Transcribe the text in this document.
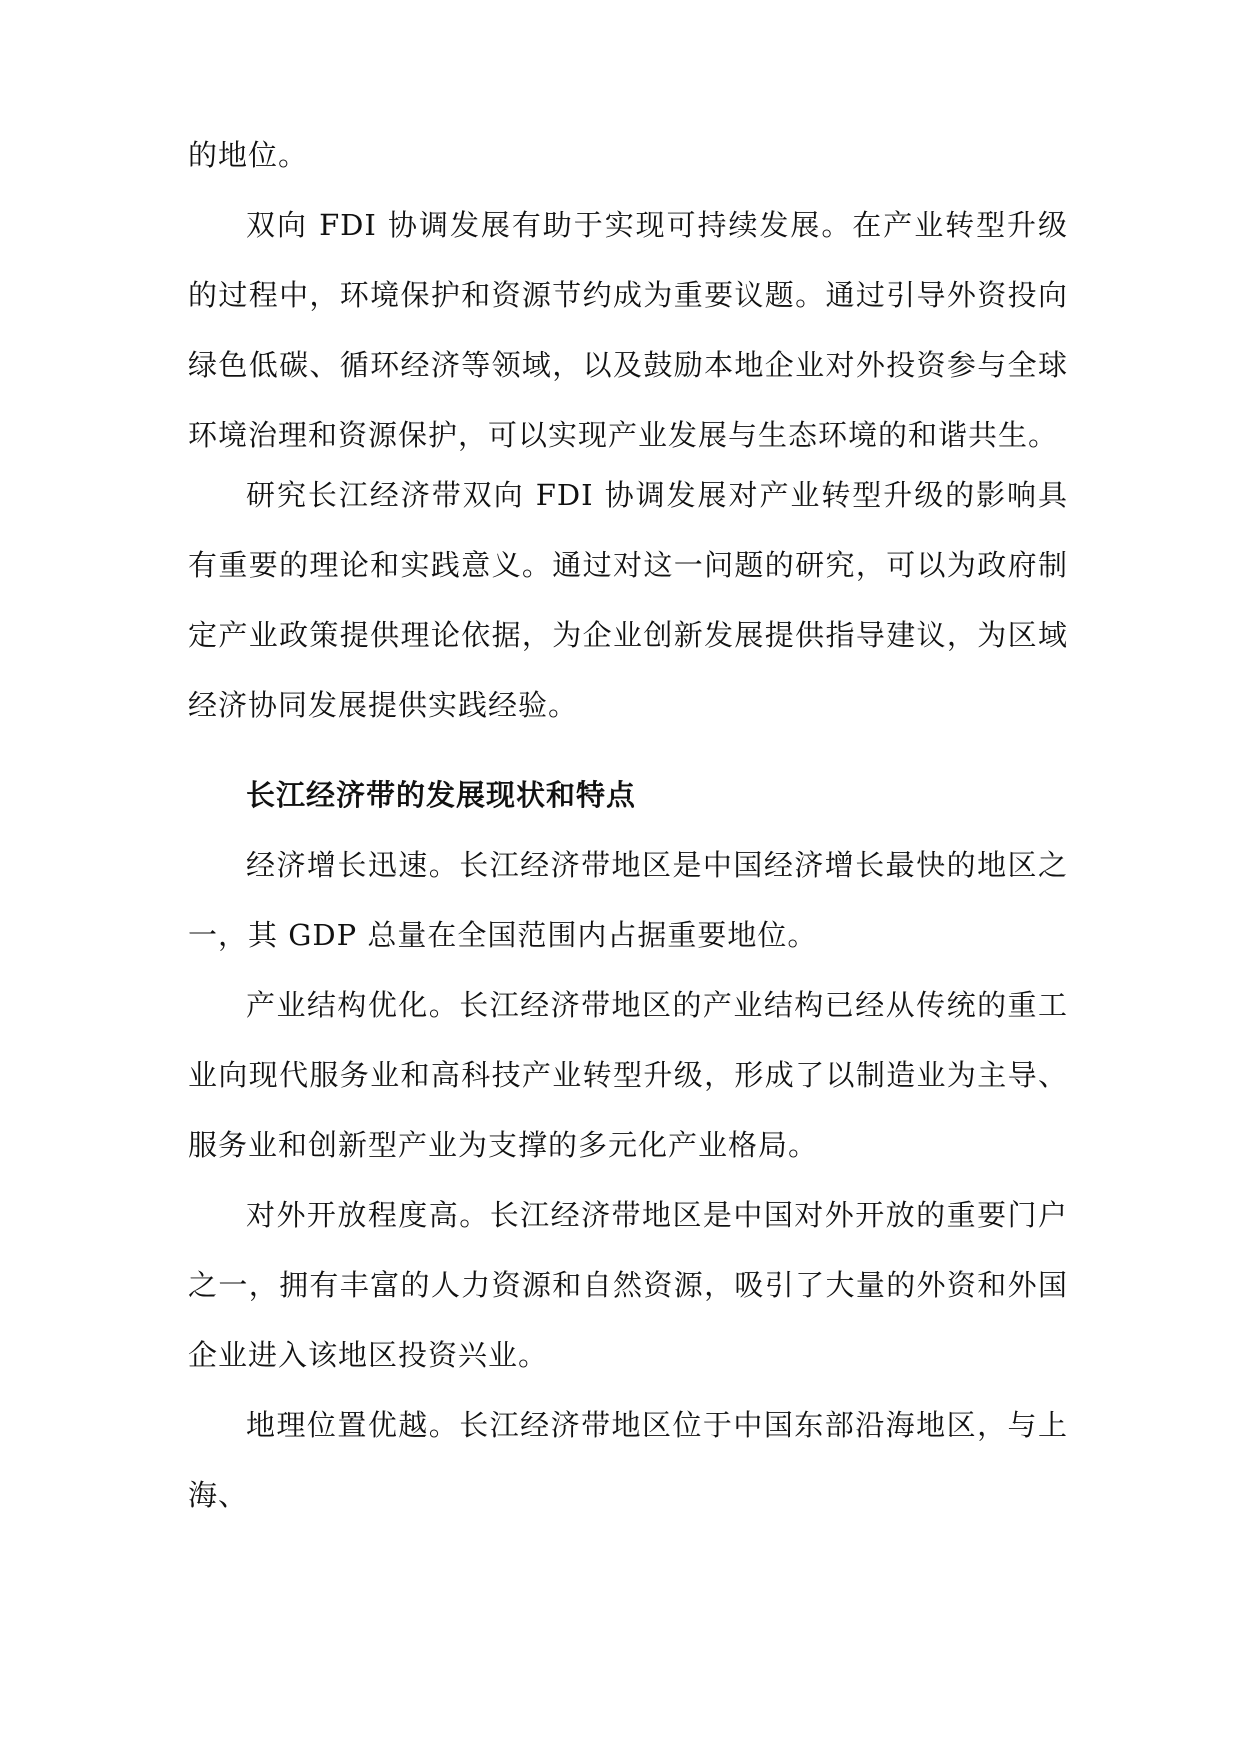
的地位。

双向 FDI 协调发展有助于实现可持续发展。在产业转型升级的过程中，环境保护和资源节约成为重要议题。通过引导外资投向绿色低碳、循环经济等领域，以及鼓励本地企业对外投资参与全球环境治理和资源保护，可以实现产业发展与生态环境的和谐共生。

研究长江经济带双向 FDI 协调发展对产业转型升级的影响具有重要的理论和实践意义。通过对这一问题的研究，可以为政府制定产业政策提供理论依据，为企业创新发展提供指导建议，为区域经济协同发展提供实践经验。

长江经济带的发展现状和特点

经济增长迅速。长江经济带地区是中国经济增长最快的地区之一，其 GDP 总量在全国范围内占据重要地位。

产业结构优化。长江经济带地区的产业结构已经从传统的重工业向现代服务业和高科技产业转型升级，形成了以制造业为主导、服务业和创新型产业为支撑的多元化产业格局。

对外开放程度高。长江经济带地区是中国对外开放的重要门户之一，拥有丰富的人力资源和自然资源，吸引了大量的外资和外国企业进入该地区投资兴业。

地理位置优越。长江经济带地区位于中国东部沿海地区，与上海、
